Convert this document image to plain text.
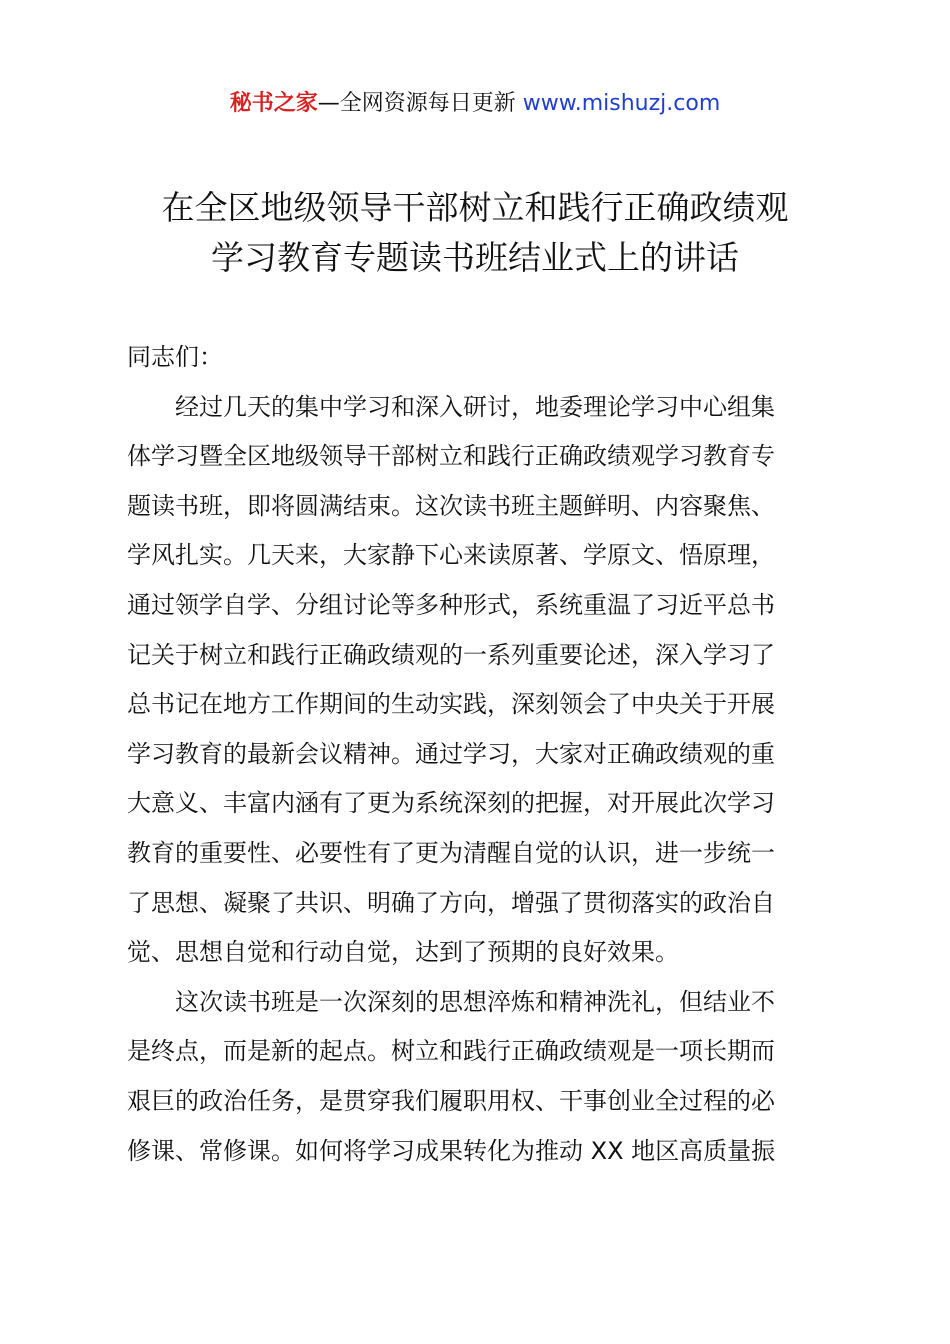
秘书之家—全网资源每日更新 www.mishuzj.com
在全区地级领导干部树立和践行正确政绩观
学习教育专题读书班结业式上的讲话
同志们：
　　经过几天的集中学习和深入研讨，地委理论学习中心组集
体学习暨全区地级领导干部树立和践行正确政绩观学习教育专
题读书班，即将圆满结束。这次读书班主题鲜明、内容聚焦、
学风扎实。几天来，大家静下心来读原著、学原文、悟原理，
通过领学自学、分组讨论等多种形式，系统重温了习近平总书
记关于树立和践行正确政绩观的一系列重要论述，深入学习了
总书记在地方工作期间的生动实践，深刻领会了中央关于开展
学习教育的最新会议精神。通过学习，大家对正确政绩观的重
大意义、丰富内涵有了更为系统深刻的把握，对开展此次学习
教育的重要性、必要性有了更为清醒自觉的认识，进一步统一
了思想、凝聚了共识、明确了方向，增强了贯彻落实的政治自
觉、思想自觉和行动自觉，达到了预期的良好效果。
　　这次读书班是一次深刻的思想淬炼和精神洗礼，但结业不
是终点，而是新的起点。树立和践行正确政绩观是一项长期而
艰巨的政治任务，是贯穿我们履职用权、干事创业全过程的必
修课、常修课。如何将学习成果转化为推动 XX 地区高质量振
